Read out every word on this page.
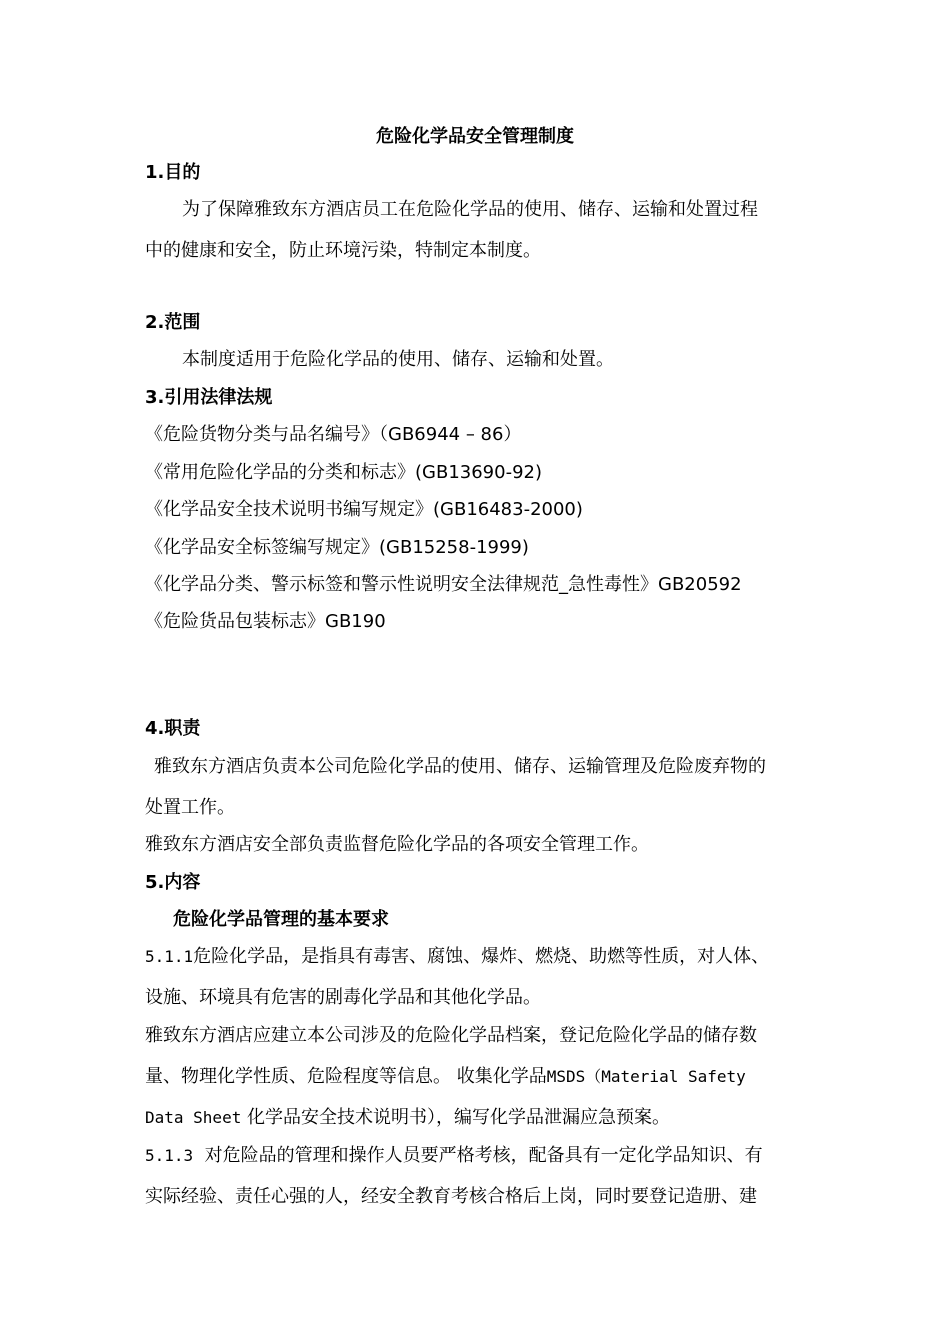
危险化学品安全管理制度
1.目的
为了保障雅致东方酒店员工在危险化学品的使用、储存、运输和处置过程
中的健康和安全，防止环境污染，特制定本制度。
2.范围
本制度适用于危险化学品的使用、储存、运输和处置。
3.引用法律法规
《危险货物分类与品名编号》（GB6944 – 86）
《常用危险化学品的分类和标志》(GB13690-92)
《化学品安全技术说明书编写规定》(GB16483-2000)
《化学品安全标签编写规定》(GB15258-1999)
《化学品分类、警示标签和警示性说明安全法律规范_急性毒性》GB20592
《危险货品包装标志》GB190
4.职责
雅致东方酒店负责本公司危险化学品的使用、储存、运输管理及危险废弃物的
处置工作。
雅致东方酒店安全部负责监督危险化学品的各项安全管理工作。
5.内容
危险化学品管理的基本要求
5.1.1危险化学品，是指具有毒害、腐蚀、爆炸、燃烧、助燃等性质，对人体、
设施、环境具有危害的剧毒化学品和其他化学品。
雅致东方酒店应建立本公司涉及的危险化学品档案，登记危险化学品的储存数
量、物理化学性质、危险程度等信息。 收集化学品MSDS（Material Safety
Data Sheet 化学品安全技术说明书），编写化学品泄漏应急预案。
5.1.3  对危险品的管理和操作人员要严格考核，配备具有一定化学品知识、有
实际经验、责任心强的人，经安全教育考核合格后上岗，同时要登记造册、建
